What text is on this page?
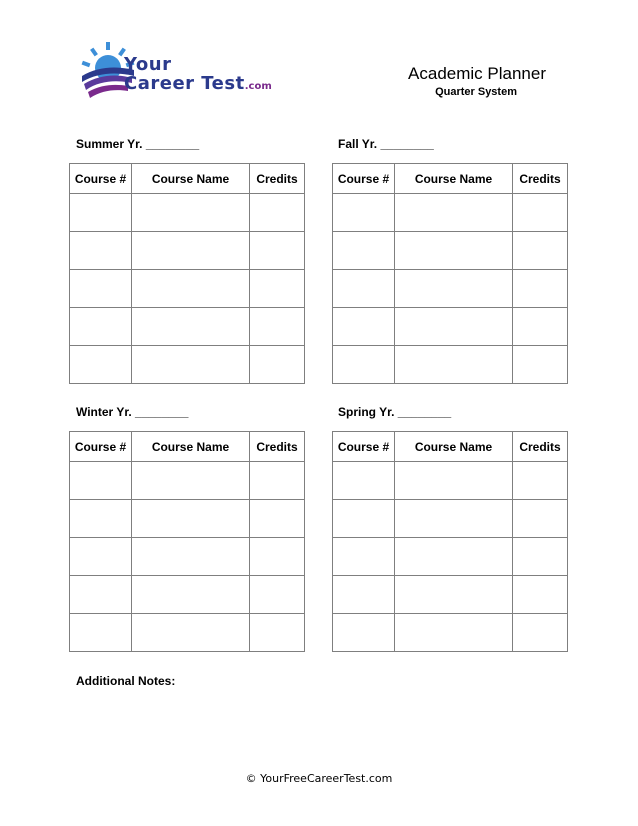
Your
Career Test.com
Academic Planner
Quarter System
Summer Yr. ________
Course #	Course Name	Credits

Fall Yr. ________
Course #	Course Name	Credits

Winter Yr. ________
Course #	Course Name	Credits

Spring Yr. ________
Course #	Course Name	Credits

Additional Notes:
© YourFreeCareerTest.com
